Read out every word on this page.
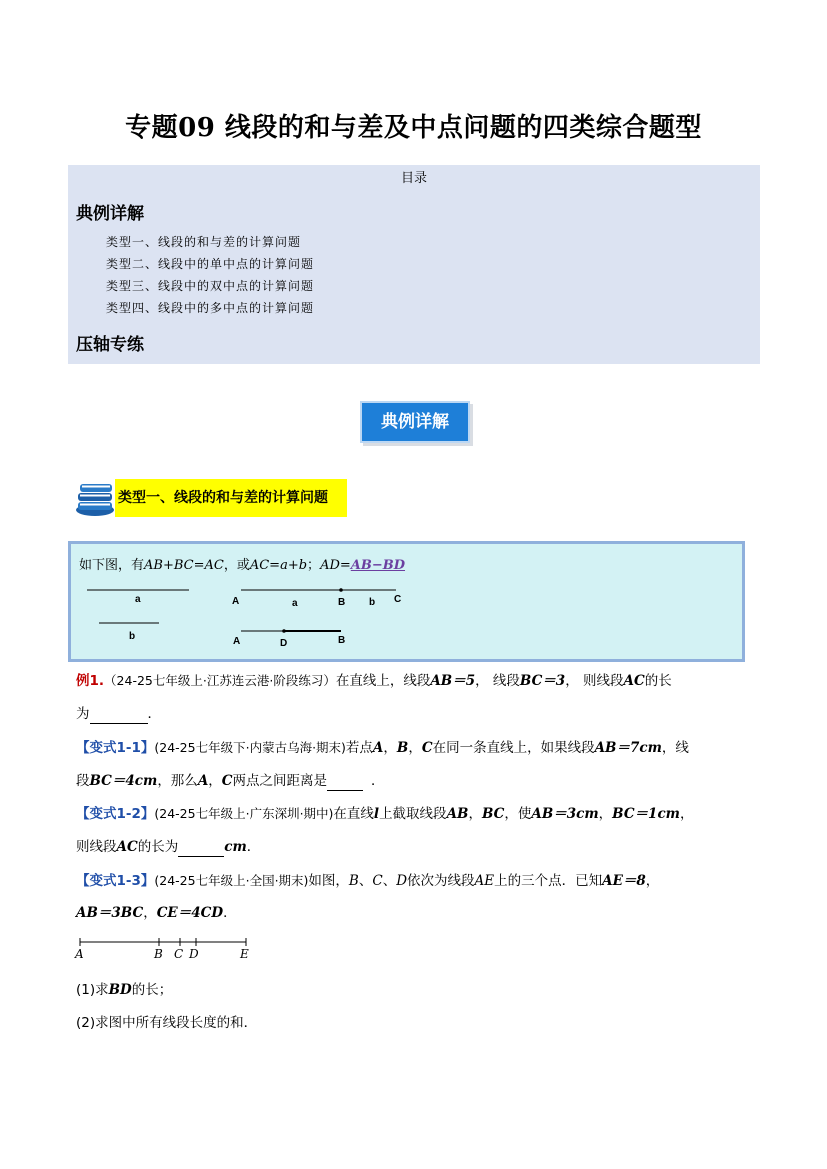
专题09 线段的和与差及中点问题的四类综合题型
目录
典例详解
类型一、线段的和与差的计算问题
类型二、线段中的单中点的计算问题
类型三、线段中的双中点的计算问题
类型四、线段中的多中点的计算问题
压轴专练
典例详解
类型一、线段的和与差的计算问题
如下图，有AB+BC=AC，或AC=a+b；AD=AB−BD
a
b
A	a	B b C
A	D	B
例1.（24-25七年级上·江苏连云港·阶段练习）在直线上，线段AB＝5， 线段BC＝3， 则线段AC的长
为	．
【变式1-1】(24-25七年级下·内蒙古乌海·期末)若点A，B，C在同一条直线上，如果线段AB＝7cm，线
段BC＝4cm，那么A，C两点之间距离是	．
【变式1-2】(24-25七年级上·广东深圳·期中)在直线l上截取线段AB，BC，使AB＝3cm，BC＝1cm，
则线段AC的长为	cm．
【变式1-3】(24-25七年级上·全国·期末)如图，B、C、D依次为线段AE上的三个点．已知AE＝8，
AB＝3BC，CE＝4CD．
A	B C D	E
(1)求BD的长；
(2)求图中所有线段长度的和．
